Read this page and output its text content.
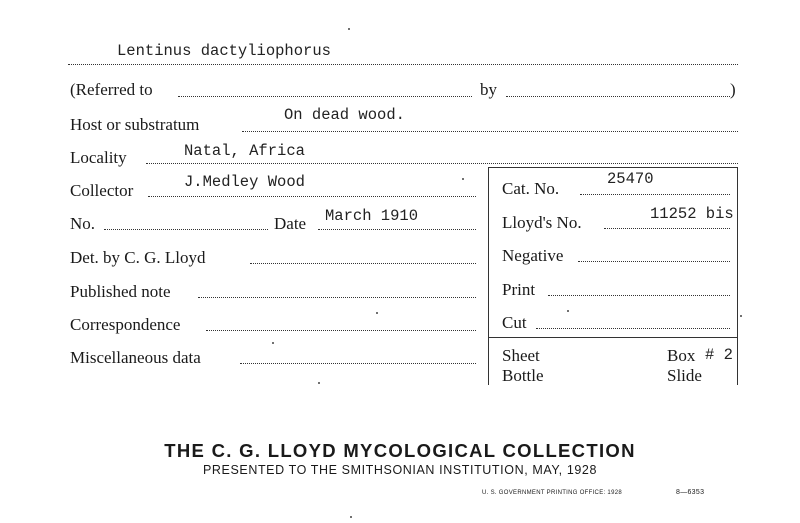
Lentinus dactyliophorus
(Referred to	by	)
Host or substratum	On dead wood.
Locality	Natal, Africa
Collector	J.Medley Wood	Cat. No.	25470
No.	Date March 1910	Lloyd's No.	11252 bis
Det. by C. G. Lloyd	Negative
Published note	Print
Correspondence	Cut
Miscellaneous data	Sheet	Box # 2
Bottle	Slide
THE C. G. LLOYD MYCOLOGICAL COLLECTION
PRESENTED TO THE SMITHSONIAN INSTITUTION, MAY, 1928
U. S. GOVERNMENT PRINTING OFFICE: 1928	8—6353
